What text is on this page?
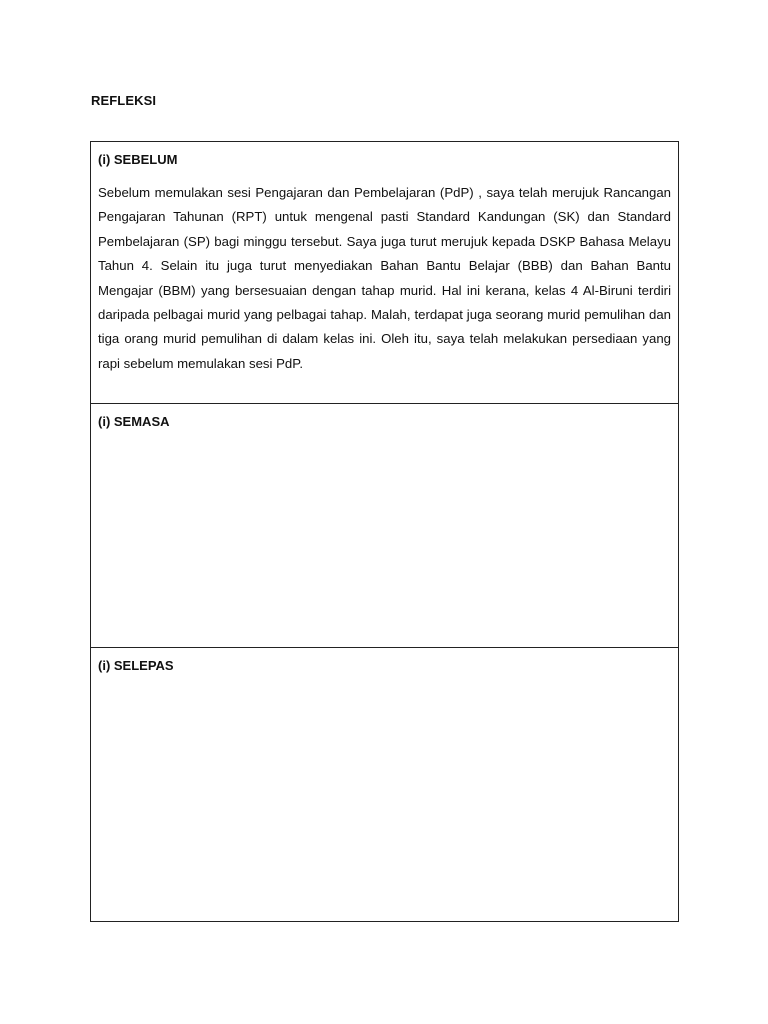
REFLEKSI

(i) SEBELUM

Sebelum memulakan sesi Pengajaran dan Pembelajaran (PdP) , saya telah merujuk Rancangan Pengajaran Tahunan (RPT) untuk mengenal pasti Standard Kandungan (SK) dan Standard Pembelajaran (SP) bagi minggu tersebut. Saya juga turut merujuk kepada DSKP Bahasa Melayu Tahun 4. Selain itu juga turut menyediakan Bahan Bantu Belajar (BBB) dan Bahan Bantu Mengajar (BBM) yang bersesuaian dengan tahap murid. Hal ini kerana, kelas 4 Al-Biruni terdiri daripada pelbagai murid yang pelbagai tahap. Malah, terdapat juga seorang murid pemulihan dan tiga orang murid pemulihan di dalam kelas ini. Oleh itu, saya telah melakukan persediaan yang rapi sebelum memulakan sesi PdP.

(i) SEMASA

(i) SELEPAS
